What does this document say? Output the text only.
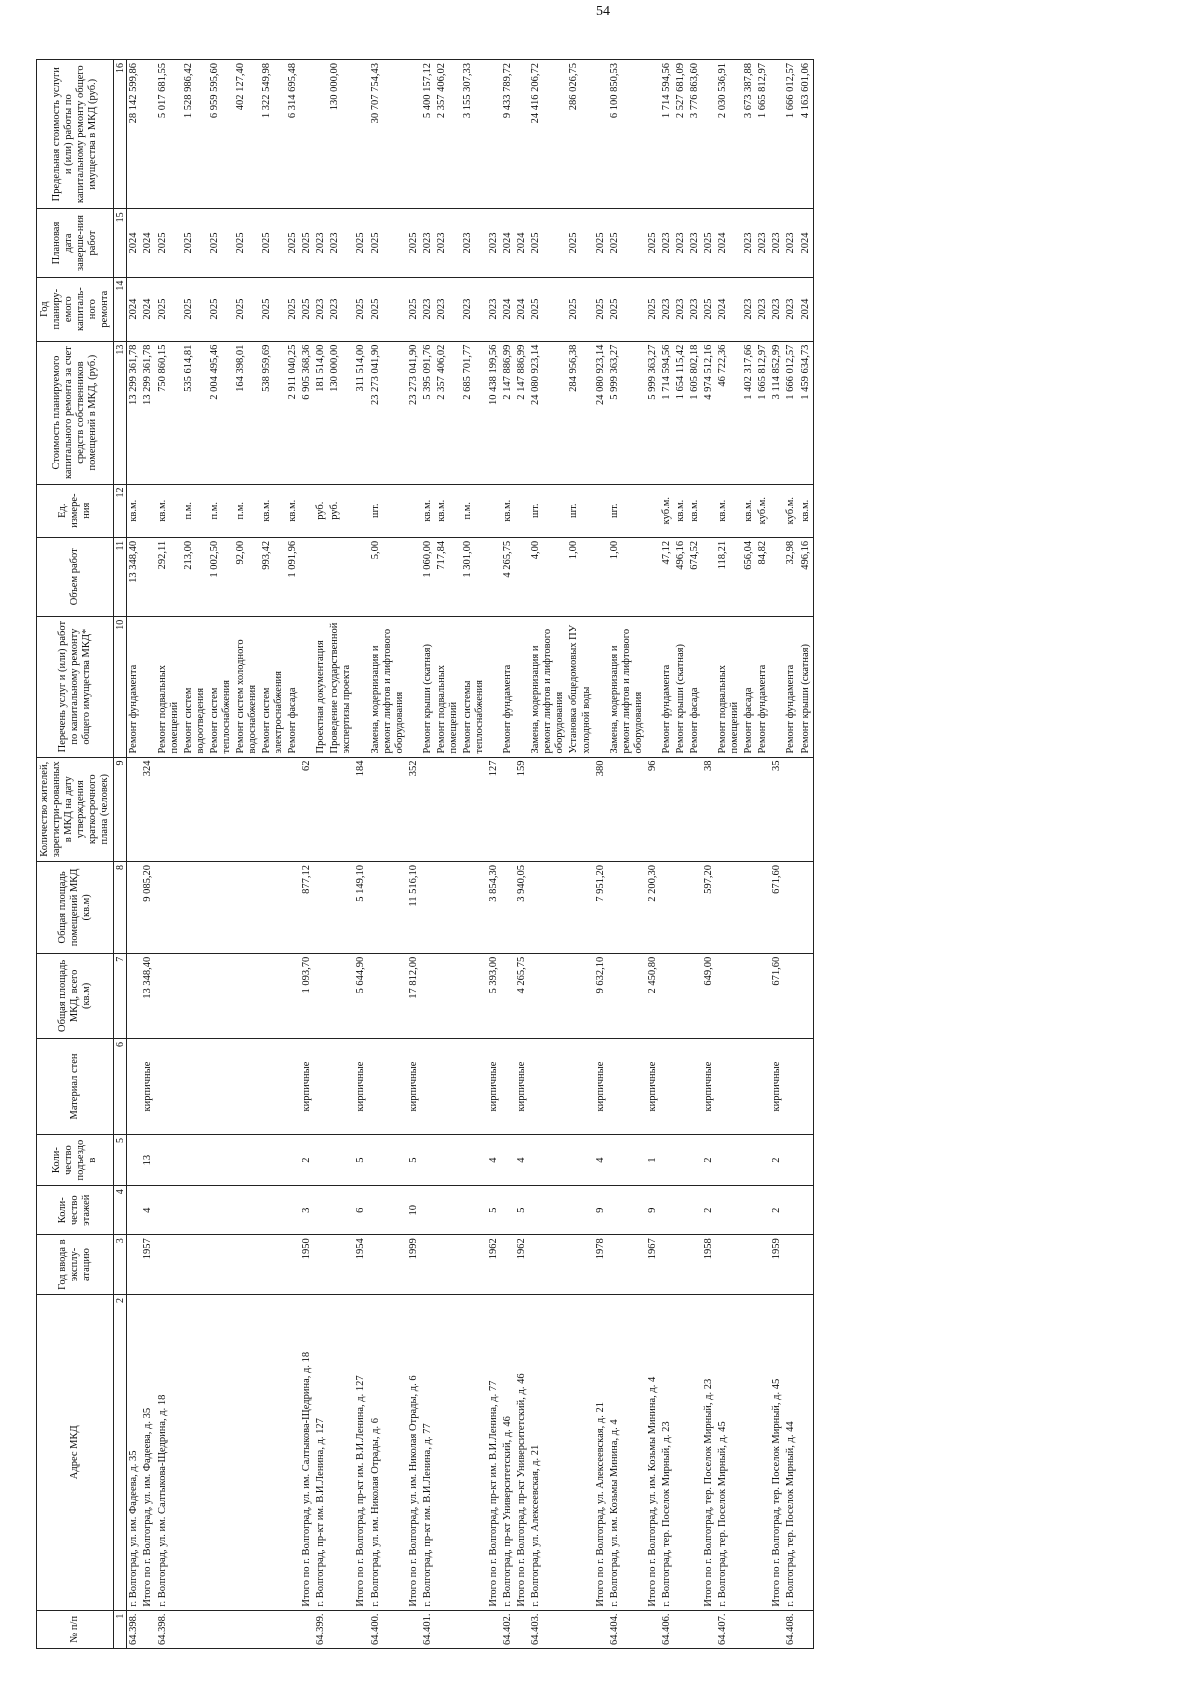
54
№ п/п	Адрес МКД	Год ввода в эксплу-атацию	Коли-чество этажей	Коли-чество подъездо в	Материал стен	Общая площадь МКД, всего (кв.м)	Общая площадь помещений МКД (кв.м)	Количество жителей, зарегистри-рованных в МКД на дату утверждения краткосрочного плана (человек)	Перечень услуг и (или) работ по капитальному ремонту общего имущества МКД*	Объем работ	Ед. измере-ния	Стоимость планируемого капитального ремонта за счет средств собственников помещений в МКД, (руб.)	Год планиру-емого капиталь-ного ремонта	Плановая дата заверше-ния работ	Предельная стоимость услуги и (или) работы по капитальному ремонту общего имущества в МКД (руб.)
1	2	3	4	5	6	7	8	9	10	11	12	13	14	15	16
64.398.	г. Волгоград, ул. им. Фадеева, д. 35								Ремонт фундамента	13 348,40	кв.м.	13 299 361,78	2024	2024	28 142 599,86
	Итого по г. Волгоград, ул. им. Фадеева, д. 35	1957	4	13	кирпичные	13 348,40	9 085,20	324				13 299 361,78	2024	2024	
64.398.	г. Волгоград, ул. им. Салтыкова-Щедрина, д. 18								Ремонт подвальных помещений	292,11	кв.м.	750 860,15	2025	2025	5 017 681,55
									Ремонт систем водоотведения	213,00	п.м.	535 614,81	2025	2025	1 528 986,42
									Ремонт систем теплоснабжения	1 002,50	п.м.	2 004 495,46	2025	2025	6 959 595,60
									Ремонт систем холодного водоснабжения	92,00	п.м.	164 398,01	2025	2025	402 127,40
									Ремонт систем электроснабжения	993,42	кв.м.	538 959,69	2025	2025	1 322 549,98
									Ремонт фасада	1 091,96	кв.м.	2 911 040,25	2025	2025	6 314 695,48
	Итого по г. Волгоград, ул. им. Салтыкова-Щедрина, д. 18	1950	3	2	кирпичные	1 093,70	877,12	62				6 905 368,36	2025	2025	
64.399.	г. Волгоград, пр-кт им. В.И.Ленина, д. 127								Проектная документация		руб.	181 514,00	2023	2023	
									Проведение государственной экспертизы проекта		руб.	130 000,00	2023	2023	130 000,00
	Итого по г. Волгоград, пр-кт им. В.И.Ленина, д. 127	1954	6	5	кирпичные	5 644,90	5 149,10	184				311 514,00	2025	2025	
64.400.	г. Волгоград, ул. им. Николая Отрады, д. 6								Замена, модернизация и ремонт лифтов и лифтового оборудования	5,00	шт.	23 273 041,90	2025	2025	30 707 754,43
	Итого по г. Волгоград, ул. им. Николая Отрады, д. 6	1999	10	5	кирпичные	17 812,00	11 516,10	352				23 273 041,90	2025	2025	
64.401.	г. Волгоград, пр-кт им. В.И.Ленина, д. 77								Ремонт крыши (скатная)	1 060,00	кв.м.	5 395 091,76	2023	2023	5 400 157,12
									Ремонт подвальных помещений	717,84	кв.м.	2 357 406,02	2023	2023	2 357 406,02
									Ремонт системы теплоснабжения	1 301,00	п.м.	2 685 701,77	2023	2023	3 155 307,33
	Итого по г. Волгоград, пр-кт им. В.И.Ленина, д. 77	1962	5	4	кирпичные	5 393,00	3 854,30	127				10 438 199,56	2023	2023	
64.402.	г. Волгоград, пр-кт Университетский, д. 46								Ремонт фундамента	4 265,75	кв.м.	2 147 886,99	2024	2024	9 433 789,72
	Итого по г. Волгоград, пр-кт Университетский, д. 46	1962	5	4	кирпичные	4 265,75	3 940,05	159				2 147 886,99	2024	2024	
64.403.	г. Волгоград, ул. Алексеевская, д. 21								Замена, модернизация и ремонт лифтов и лифтового оборудования	4,00	шт.	24 080 923,14	2025	2025	24 416 206,72
									Установка общедомовых ПУ холодной воды	1,00	шт.	284 956,38	2025	2025	286 026,75
	Итого по г. Волгоград, ул. Алексеевская, д. 21	1978	9	4	кирпичные	9 632,10	7 951,20	380				24 080 923,14	2025	2025	
64.404.	г. Волгоград, ул. им. Козьмы Минина, д. 4								Замена, модернизация и ремонт лифтов и лифтового оборудования	1,00	шт.	5 999 363,27	2025	2025	6 100 850,53
	Итого по г. Волгоград, ул. им. Козьмы Минина, д. 4	1967	9	1	кирпичные	2 450,80	2 200,30	96				5 999 363,27	2025	2025	
64.406.	г. Волгоград, тер. Поселок Мирный, д. 23								Ремонт фундамента	47,12	куб.м.	1 714 594,56	2023	2023	1 714 594,56
									Ремонт крыши (скатная)	496,16	кв.м.	1 654 115,42	2023	2023	2 527 681,09
									Ремонт фасада	674,52	кв.м.	1 605 802,18	2023	2023	3 776 863,60
	Итого по г. Волгоград, тер. Поселок Мирный, д. 23	1958	2	2	кирпичные	649,00	597,20	38				4 974 512,16	2025	2025	
64.407.	г. Волгоград, тер. Поселок Мирный, д. 45								Ремонт подвальных помещений	118,21	кв.м.	46 722,36	2024	2024	2 030 536,91
									Ремонт фасада	656,04	кв.м.	1 402 317,66	2023	2023	3 673 387,88
									Ремонт фундамента	84,82	куб.м.	1 665 812,97	2023	2023	1 665 812,97
	Итого по г. Волгоград, тер. Поселок Мирный, д. 45	1959	2	2	кирпичные	671,60	671,60	35				3 114 852,99	2023	2023	
64.408.	г. Волгоград, тер. Поселок Мирный, д. 44								Ремонт фундамента	32,98	куб.м.	1 666 012,57	2023	2023	1 666 012,57
									Ремонт крыши (скатная)	496,16	кв.м.	1 459 634,73	2024	2024	4 163 601,06
